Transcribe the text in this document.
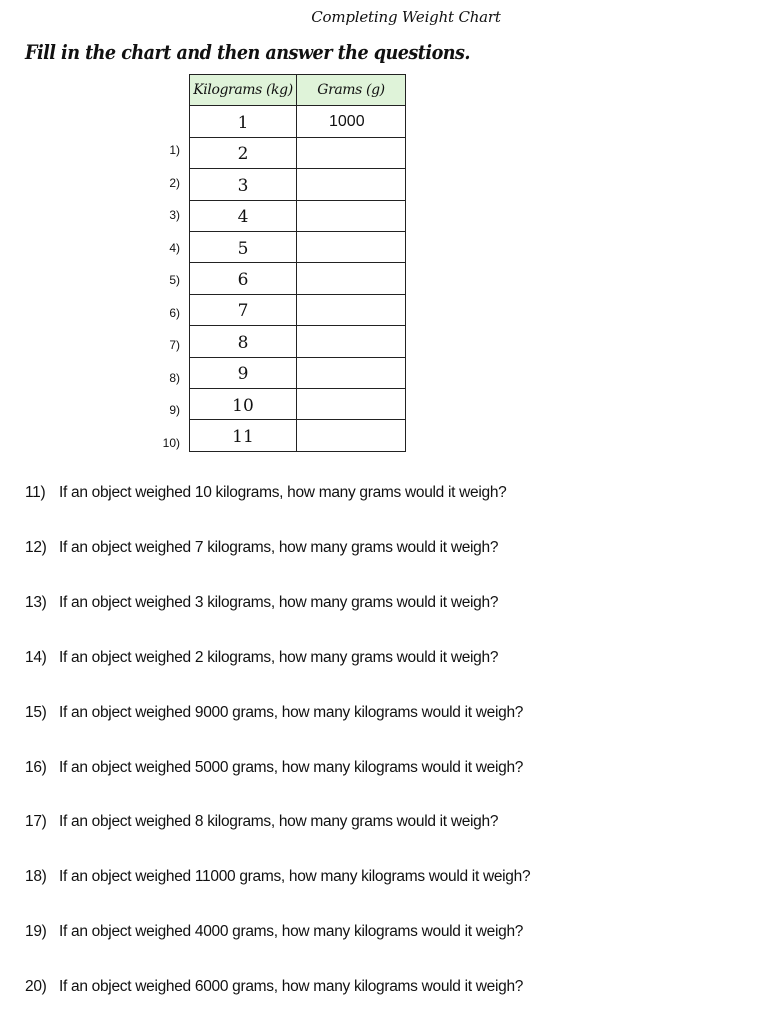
Completing Weight Chart
Fill in the chart and then answer the questions.
Kilograms (kg)	Grams (g)
1	1000
2	
3	
4	
5	
6	
7	
8	
9	
10	
11	
1)
2)
3)
4)
5)
6)
7)
8)
9)
10)
11) If an object weighed 10 kilograms, how many grams would it weigh?
12) If an object weighed 7 kilograms, how many grams would it weigh?
13) If an object weighed 3 kilograms, how many grams would it weigh?
14) If an object weighed 2 kilograms, how many grams would it weigh?
15) If an object weighed 9000 grams, how many kilograms would it weigh?
16) If an object weighed 5000 grams, how many kilograms would it weigh?
17) If an object weighed 8 kilograms, how many grams would it weigh?
18) If an object weighed 11000 grams, how many kilograms would it weigh?
19) If an object weighed 4000 grams, how many kilograms would it weigh?
20) If an object weighed 6000 grams, how many kilograms would it weigh?
